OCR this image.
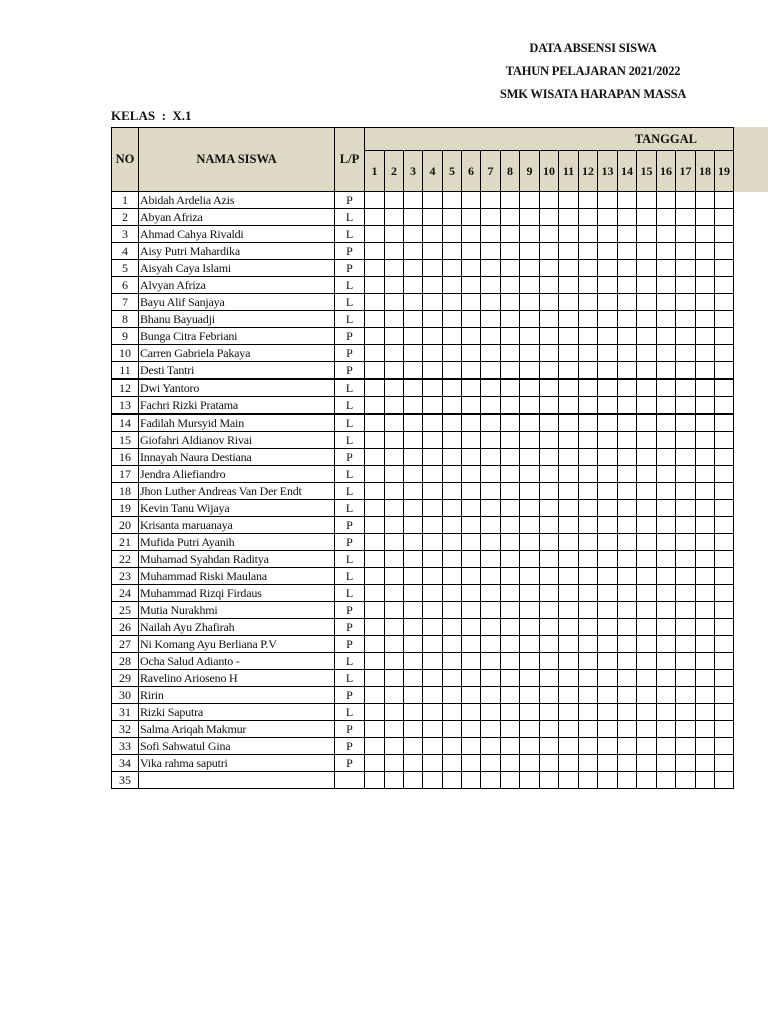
DATA ABSENSI SISWA
TAHUN PELAJARAN 2021/2022
SMK WISATA HARAPAN MASSA
KELAS  :  X.1
NO	NAMA SISWA	L/P	TANGGAL																		
			1	2	3	4	5	6	7	8	9	10	11	12	13	14	15	16	17	18	19
1	Abidah Ardelia Azis	P																			
2	Abyan Afriza	L																			
3	Ahmad Cahya Rivaldi	L																			
4	Aisy Putri Mahardika	P																			
5	Aisyah Caya Islami	P																			
6	Alvyan Afriza	L																			
7	Bayu Alif Sanjaya	L																			
8	Bhanu Bayuadji	L																			
9	Bunga Citra Febriani	P																			
10	Carren Gabriela Pakaya	P																			
11	Desti Tantri	P																			
12	Dwi Yantoro	L																			
13	Fachri Rizki Pratama	L																			
14	Fadilah Mursyid Main	L																			
15	Giofahri Aldianov Rivai	L																			
16	Innayah Naura Destiana	P																			
17	Jendra Aliefiandro	L																			
18	Jhon Luther Andreas Van Der Endt	L																			
19	Kevin Tanu Wijaya	L																			
20	Krisanta maruanaya	P																			
21	Mufida Putri Ayanih	P																			
22	Muhamad Syahdan Raditya	L																			
23	Muhammad Riski Maulana	L																			
24	Muhammad Rizqi Firdaus	L																			
25	Mutia Nurakhmi	P																			
26	Nailah Ayu Zhafirah	P																			
27	Ni Komang Ayu Berliana P.V	P																			
28	Ocha Salud Adianto -	L																			
29	Ravelino Arioseno H	L																			
30	Ririn	P																			
31	Rizki Saputra	L																			
32	Salma Ariqah Makmur	P																			
33	Sofi Sahwatul Gina	P																			
34	Vika rahma saputri	P																			
35																					
